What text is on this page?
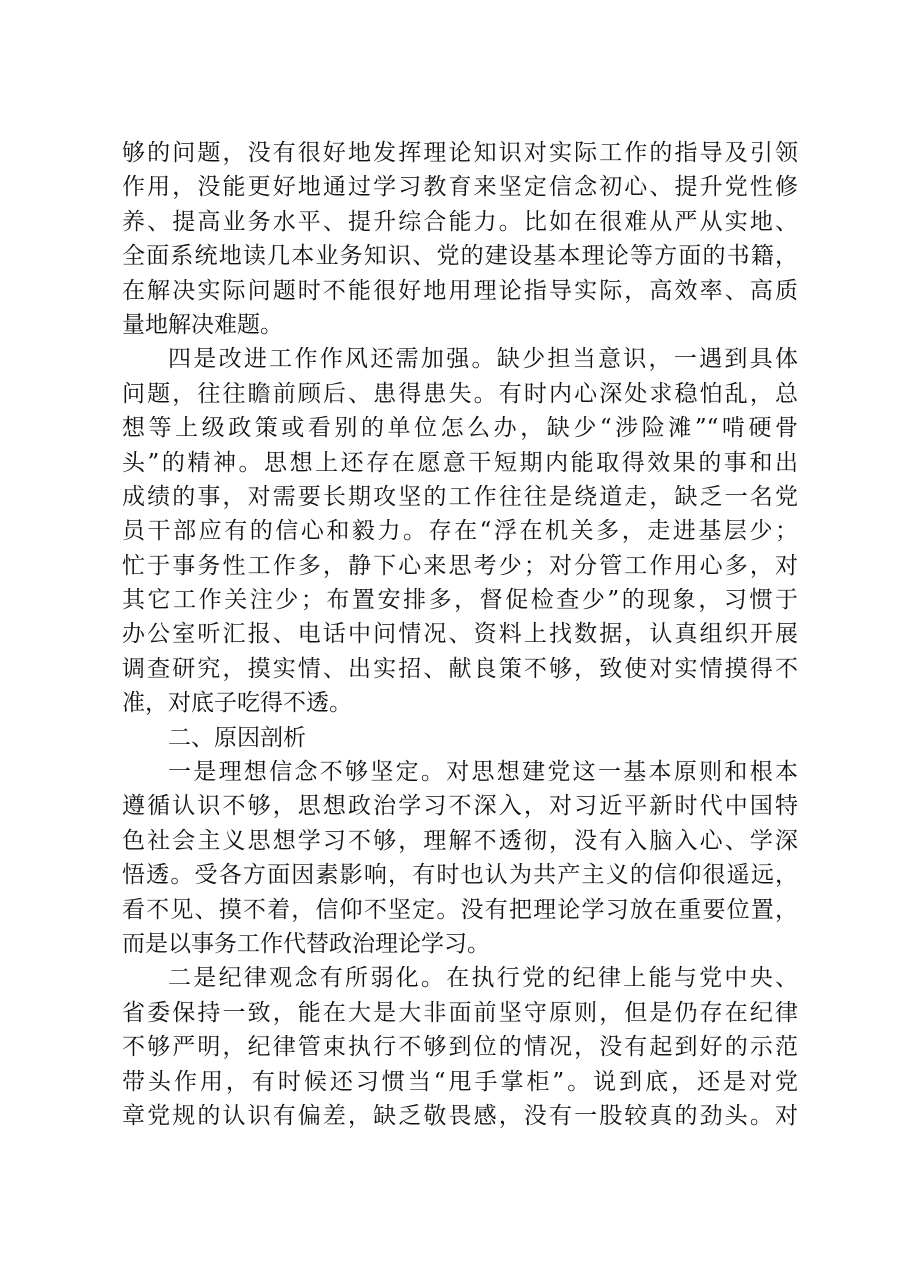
够的问题，没有很好地发挥理论知识对实际工作的指导及引领
作用，没能更好地通过学习教育来坚定信念初心、提升党性修
养、提高业务水平、提升综合能力。比如在很难从严从实地、
全面系统地读几本业务知识、党的建设基本理论等方面的书籍，
在解决实际问题时不能很好地用理论指导实际，高效率、高质
量地解决难题。
四是改进工作作风还需加强。缺少担当意识，一遇到具体
问题，往往瞻前顾后、患得患失。有时内心深处求稳怕乱，总
想等上级政策或看别的单位怎么办，缺少“涉险滩”“啃硬骨
头”的精神。思想上还存在愿意干短期内能取得效果的事和出
成绩的事，对需要长期攻坚的工作往往是绕道走，缺乏一名党
员干部应有的信心和毅力。存在“浮在机关多，走进基层少；
忙于事务性工作多，静下心来思考少；对分管工作用心多，对
其它工作关注少；布置安排多，督促检查少”的现象，习惯于
办公室听汇报、电话中问情况、资料上找数据，认真组织开展
调查研究，摸实情、出实招、献良策不够，致使对实情摸得不
准，对底子吃得不透。
二、原因剖析
一是理想信念不够坚定。对思想建党这一基本原则和根本
遵循认识不够，思想政治学习不深入，对习近平新时代中国特
色社会主义思想学习不够，理解不透彻，没有入脑入心、学深
悟透。受各方面因素影响，有时也认为共产主义的信仰很遥远，
看不见、摸不着，信仰不坚定。没有把理论学习放在重要位置，
而是以事务工作代替政治理论学习。
二是纪律观念有所弱化。在执行党的纪律上能与党中央、
省委保持一致，能在大是大非面前坚守原则，但是仍存在纪律
不够严明，纪律管束执行不够到位的情况，没有起到好的示范
带头作用，有时候还习惯当“甩手掌柜”。说到底，还是对党
章党规的认识有偏差，缺乏敬畏感，没有一股较真的劲头。对
